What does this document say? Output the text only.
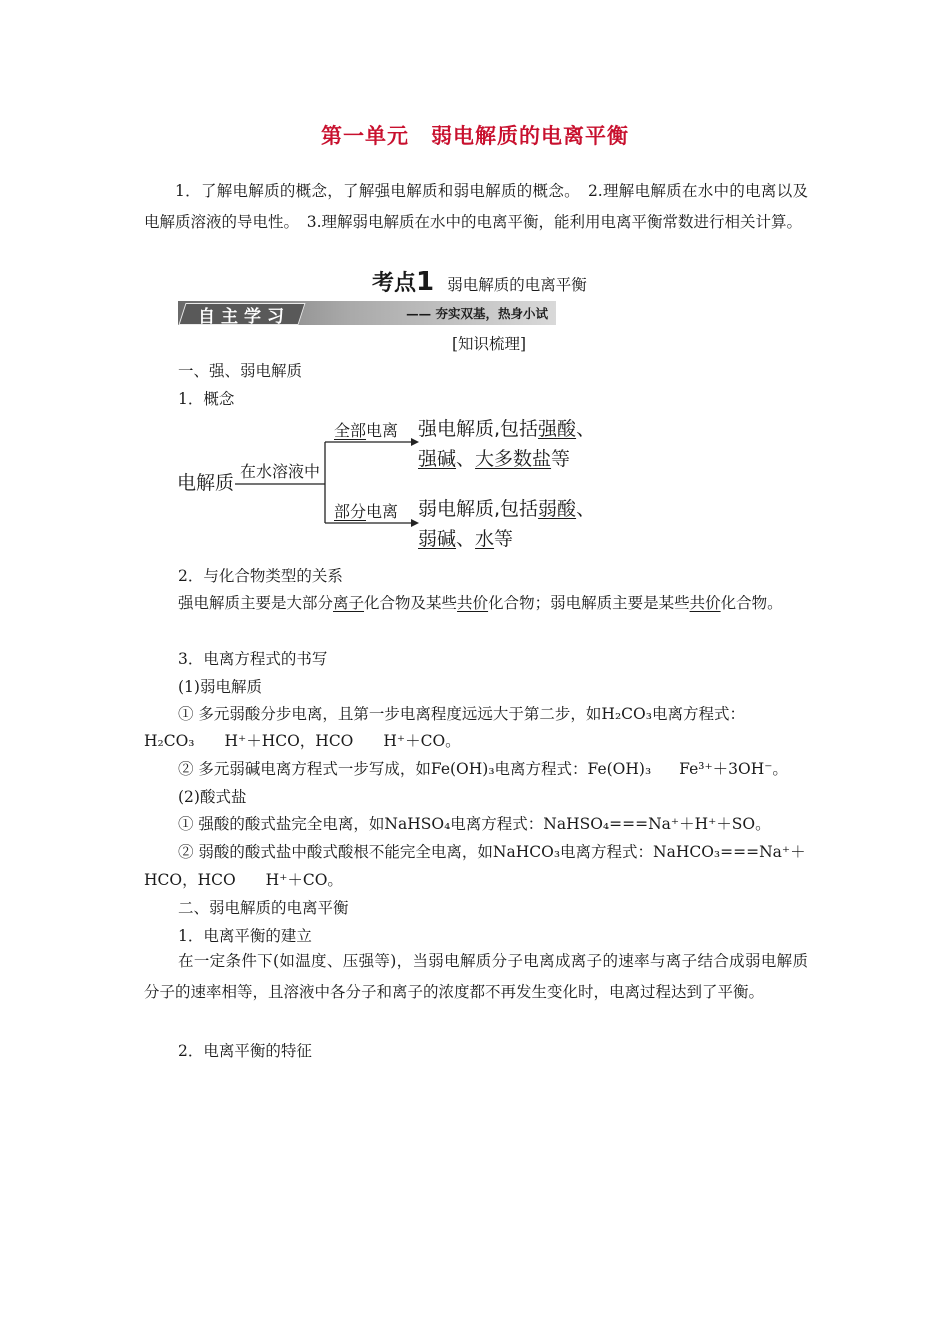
第一单元 弱电解质的电离平衡
1．了解电解质的概念，了解强电解质和弱电解质的概念。　2.理解电解质在水中的电离以及电解质溶液的导电性。　3.理解弱电解质在水中的电离平衡，能利用电离平衡常数进行相关计算。
考点1 弱电解质的电离平衡
自主学习	—— 夯实双基，热身小试
[知识梳理]
一、强、弱电解质
1．概念
电解质
在水溶液中
全部电离
部分电离
强电解质,包括强酸、
强碱、大多数盐等
弱电解质,包括弱酸、
弱碱、水等
2．与化合物类型的关系
强电解质主要是大部分离子化合物及某些共价化合物；弱电解质主要是某些共价化合物。
3．电离方程式的书写
(1)弱电解质
① 多元弱酸分步电离，且第一步电离程度远远大于第二步，如H₂CO₃电离方程式：
H₂CO₃ H⁺＋HCO，HCO H⁺＋CO。
② 多元弱碱电离方程式一步写成，如Fe(OH)₃电离方程式：Fe(OH)₃ Fe³⁺＋3OH⁻。
(2)酸式盐
① 强酸的酸式盐完全电离，如NaHSO₄电离方程式：NaHSO₄===Na⁺＋H⁺＋SO。
② 弱酸的酸式盐中酸式酸根不能完全电离，如NaHCO₃电离方程式：NaHCO₃===Na⁺＋
HCO，HCO H⁺＋CO。
二、弱电解质的电离平衡
1．电离平衡的建立
在一定条件下(如温度、压强等)，当弱电解质分子电离成离子的速率与离子结合成弱电解质分子的速率相等，且溶液中各分子和离子的浓度都不再发生变化时，电离过程达到了平衡。
2．电离平衡的特征
